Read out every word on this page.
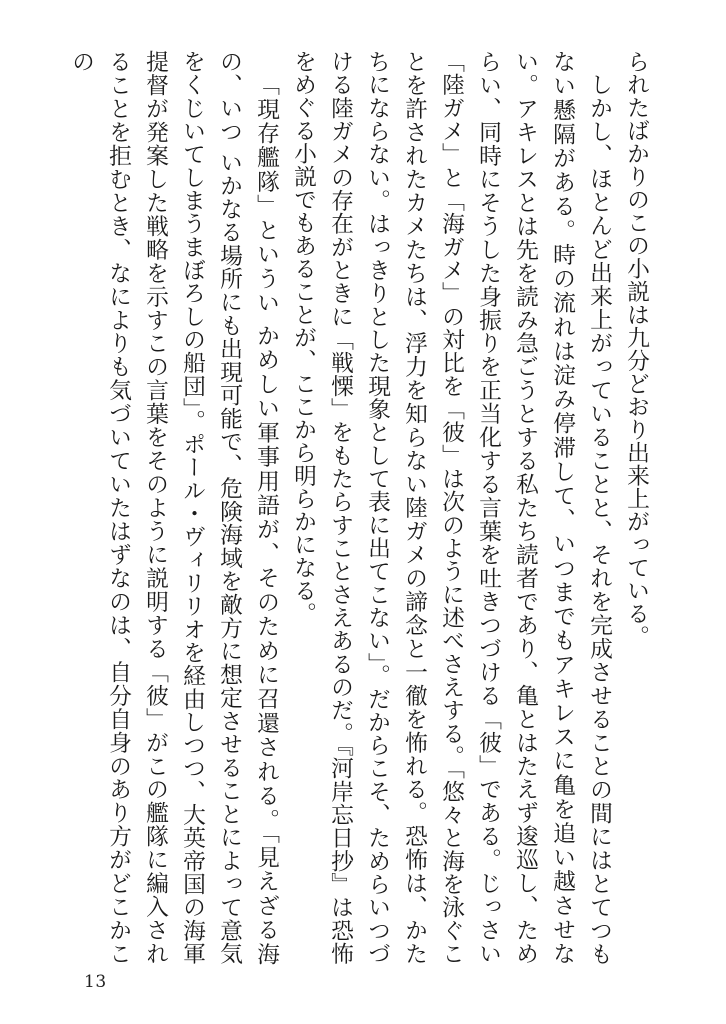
られたばかりのこの小説は九分どおり出来上がっている。

しかし、ほとんど出来上がっていることと、それを完成させることの間にはとてつもない懸隔がある。時の流れは淀み停滞して、いつまでもアキレスに亀を追い越させない。アキレスとは先を読み急ごうとする私たち読者であり、亀とはたえず逡巡し、ためらい、同時にそうした身振りを正当化する言葉を吐きつづける「彼」である。じっさい「陸ガメ」と「海ガメ」の対比を「彼」は次のように述べさえする。「悠々と海を泳ぐことを許されたカメたちは、浮力を知らない陸ガメの諦念と一徹を怖れる。恐怖は、かたちにならない。はっきりとした現象として表に出てこない」。だからこそ、ためらいつづける陸ガメの存在がときに「戦慄」をもたらすことさえあるのだ。『河岸忘日抄』は恐怖をめぐる小説でもあることが、ここから明らかになる。

「現存艦隊」というい かめしい軍事用語が、そのために召還される。「見えざる海の、いつ いかなる場所にも出現可能で、危険海域を敵方に想定させることによって意気をくじいてしまうまぼろしの船団」。ポール・ヴィリリオを経由しつつ、大英帝国の海軍提督が発案した戦略を示すこの言葉をそのように説明する「彼」がこの艦隊に編入されることを拒むとき、なによりも気づいていたはずなのは、自分自身のあり方がどこかこの

13
